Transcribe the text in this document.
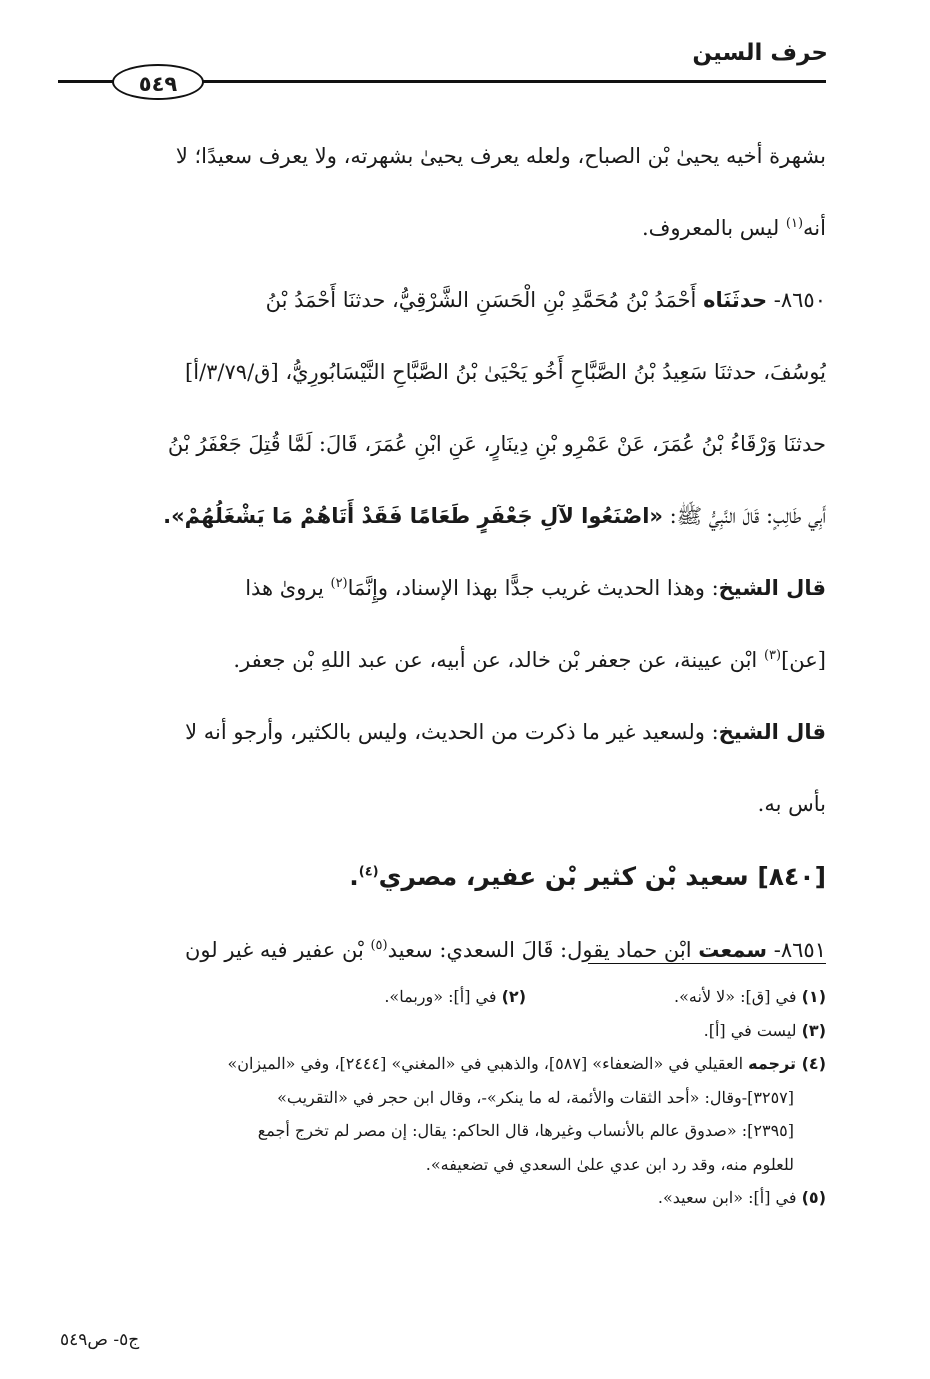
حرف السين
٥٤٩
بشهرة أخيه يحيىٰ بْن الصباح، ولعله يعرف يحيىٰ بشهرته، ولا يعرف سعيدًا؛ لا
أنه$^{(١)}$ ليس بالمعروف.
٨٦٥٠- حدثَنَاه أَحْمَدُ بْنُ مُحَمَّدِ بْنِ الْحَسَنِ الشَّرْقِيُّ، حدثنَا أَحْمَدُ بْنُ
يُوسُفَ، حدثنَا سَعِيدُ بْنُ الصَّبَّاحِ أَخُو يَحْيَىٰ بْنُ الصَّبَّاحِ النَّيْسَابُورِيُّ، [ق/٣/٧٩/أ]
حدثنَا وَرْقَاءُ بْنُ عُمَرَ، عَنْ عَمْرِو بْنِ دِينَارٍ، عَنِ ابْنِ عُمَرَ، قَالَ: لَمَّا قُتِلَ جَعْفَرُ بْنُ
أَبِي طَالِبٍ: قَالَ النَّبِيُّ ﷺ: «اصْنَعُوا لآلِ جَعْفَرٍ طَعَامًا فَقَدْ أَتَاهُمْ مَا يَشْغَلُهُمْ».
قال الشيخ: وهذا الحديث غريب جدًّا بهذا الإسناد، وإِنَّمَا$^{(٢)}$ يروىٰ هذا
[عن]$^{(٣)}$ ابْن عيينة، عن جعفر بْن خالد، عن أبيه، عن عبد اللهِ بْن جعفر.
قال الشيخ: ولسعيد غير ما ذكرت من الحديث، وليس بالكثير، وأرجو أنه لا
بأس به.
[٨٤٠] سعيد بْن كثير بْن عفير، مصري$^{(٤)}$.
٨٦٥١- سمعت ابْن حماد يقول: قَالَ السعدي: سعيد$^{(٥)}$ بْن عفير فيه غير لون
(١) في [ق]: «لا لأنه».
(٢) في [أ]: «وربما».
(٣) ليست في [أ].
(٤) ترجمه العقيلي في «الضعفاء» [٥٨٧]، والذهبي في «المغني» [٢٤٤٤]، وفي «الميزان»
  [٣٢٥٧]-وقال: «أحد الثقات والأئمة، له ما ينكر»-، وقال ابن حجر في «التقريب»
  [٢٣٩٥]: «صدوق عالم بالأنساب وغيرها، قال الحاكم: يقال: إن مصر لم تخرج أجمع
  للعلوم منه، وقد رد ابن عدي علىٰ السعدي في تضعيفه».
(٥) في [أ]: «ابن سعيد».
ج٥- ص٥٤٩
